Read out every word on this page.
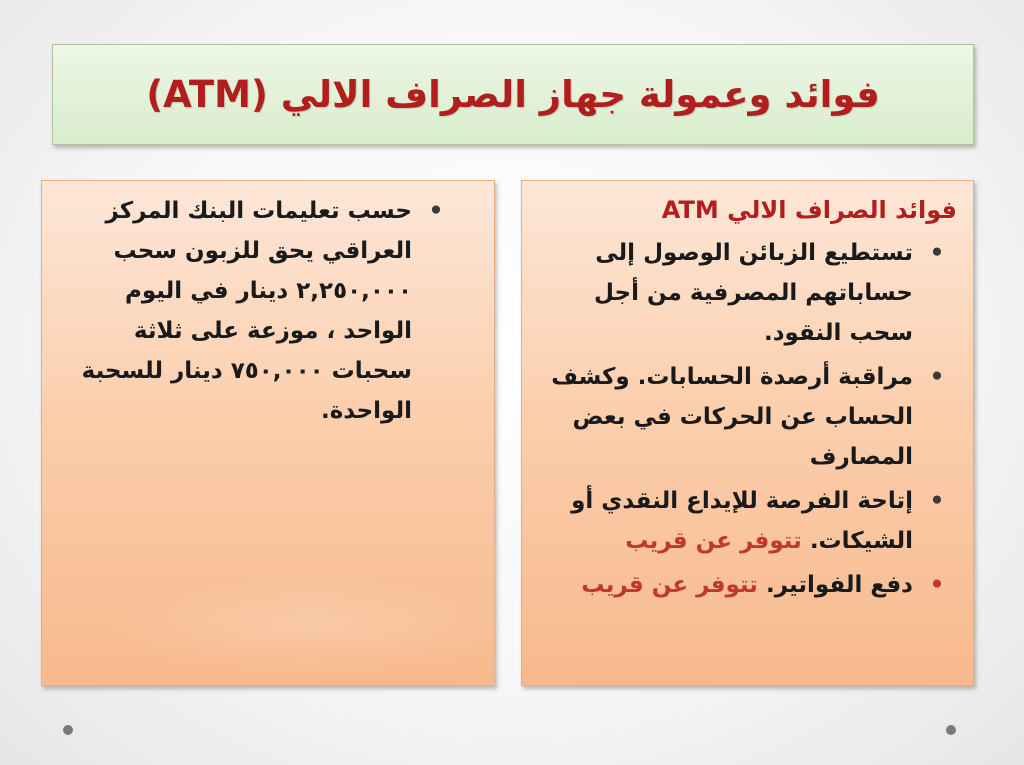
فوائد وعمولة جهاز الصراف الالي (ATM)
•
حسب تعليمات البنك المركز العراقي يحق للزبون سحب ٢,٢٥٠,٠٠٠ دينار في اليوم الواحد ، موزعة على ثلاثة سحبات ٧٥٠,٠٠٠ دينار للسحبة الواحدة.
فوائد الصراف الالي ATM
•
تستطيع الزبائن الوصول إلى حساباتهم المصرفية من أجل سحب النقود.
•
مراقبة أرصدة الحسابات. وكشف الحساب عن الحركات في بعض المصارف
•
إتاحة الفرصة للإيداع النقدي أو الشيكات. تتوفر عن قريب
•
دفع الفواتير. تتوفر عن قريب
